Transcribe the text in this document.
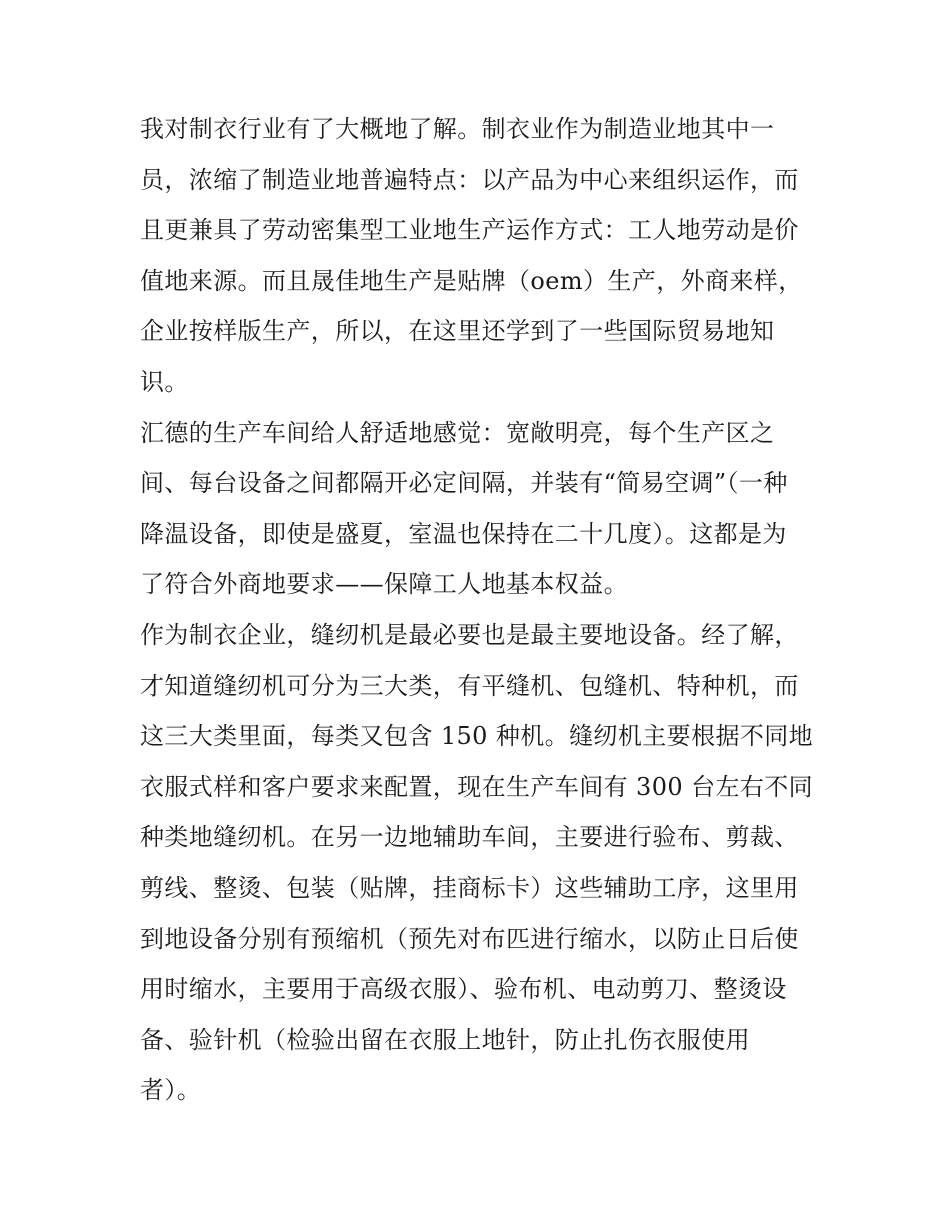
我对制衣行业有了大概地了解。制衣业作为制造业地其中一
员，浓缩了制造业地普遍特点：以产品为中心来组织运作，而
且更兼具了劳动密集型工业地生产运作方式：工人地劳动是价
值地来源。而且晟佳地生产是贴牌（oem）生产，外商来样，
企业按样版生产，所以，在这里还学到了一些国际贸易地知
识。
汇德的生产车间给人舒适地感觉：宽敞明亮，每个生产区之
间、每台设备之间都隔开必定间隔，并装有“简易空调”（一种
降温设备，即使是盛夏，室温也保持在二十几度）。这都是为
了符合外商地要求——保障工人地基本权益。
作为制衣企业，缝纫机是最必要也是最主要地设备。经了解，
才知道缝纫机可分为三大类，有平缝机、包缝机、特种机，而
这三大类里面，每类又包含 150 种机。缝纫机主要根据不同地
衣服式样和客户要求来配置，现在生产车间有 300 台左右不同
种类地缝纫机。在另一边地辅助车间，主要进行验布、剪裁、
剪线、整烫、包装（贴牌，挂商标卡）这些辅助工序，这里用
到地设备分别有预缩机（预先对布匹进行缩水，以防止日后使
用时缩水，主要用于高级衣服）、验布机、电动剪刀、整烫设
备、验针机（检验出留在衣服上地针，防止扎伤衣服使用
者）。
